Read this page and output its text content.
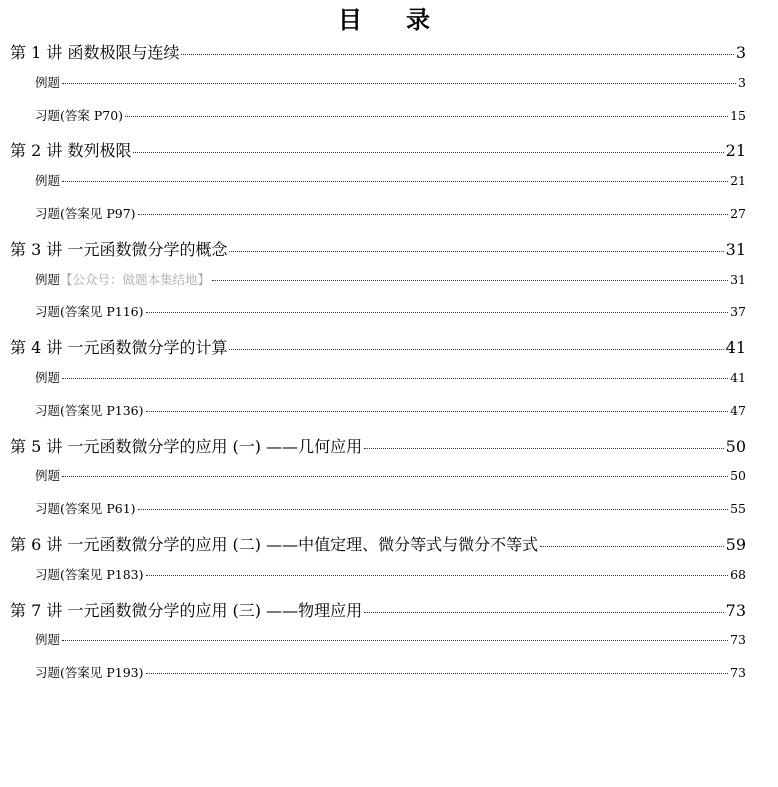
目　录
第 1 讲 函数极限与连续	3
例题	3
习题(答案 P70)	15
第 2 讲 数列极限	21
例题	21
习题(答案见 P97)	27
第 3 讲 一元函数微分学的概念	31
例题 【公众号：做题本集结地】	31
习题(答案见 P116)	37
第 4 讲 一元函数微分学的计算	41
例题	41
习题(答案见 P136)	47
第 5 讲 一元函数微分学的应用 (一) ——几何应用	50
例题	50
习题(答案见 P61)	55
第 6 讲 一元函数微分学的应用 (二) ——中值定理、微分等式与微分不等式	59
习题(答案见 P183)	68
第 7 讲 一元函数微分学的应用 (三) ——物理应用	73
例题	73
习题(答案见 P193)	73
